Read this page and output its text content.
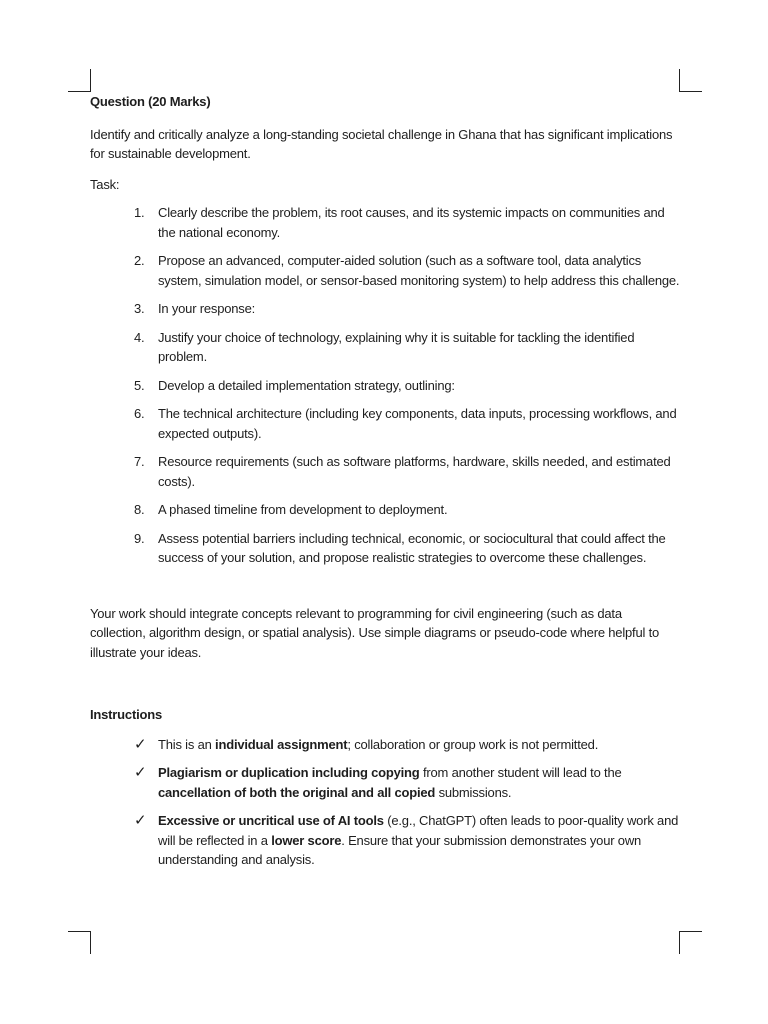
Question (20 Marks)
Identify and critically analyze a long-standing societal challenge in Ghana that has significant implications for sustainable development.
Task:
1. Clearly describe the problem, its root causes, and its systemic impacts on communities and the national economy.
2. Propose an advanced, computer-aided solution (such as a software tool, data analytics system, simulation model, or sensor-based monitoring system) to help address this challenge.
3. In your response:
4. Justify your choice of technology, explaining why it is suitable for tackling the identified problem.
5. Develop a detailed implementation strategy, outlining:
6. The technical architecture (including key components, data inputs, processing workflows, and expected outputs).
7. Resource requirements (such as software platforms, hardware, skills needed, and estimated costs).
8. A phased timeline from development to deployment.
9. Assess potential barriers including technical, economic, or sociocultural that could affect the success of your solution, and propose realistic strategies to overcome these challenges.
Your work should integrate concepts relevant to programming for civil engineering (such as data collection, algorithm design, or spatial analysis). Use simple diagrams or pseudo-code where helpful to illustrate your ideas.
Instructions
✓ This is an individual assignment; collaboration or group work is not permitted.
✓ Plagiarism or duplication including copying from another student will lead to the cancellation of both the original and all copied submissions.
✓ Excessive or uncritical use of AI tools (e.g., ChatGPT) often leads to poor-quality work and will be reflected in a lower score. Ensure that your submission demonstrates your own understanding and analysis.
